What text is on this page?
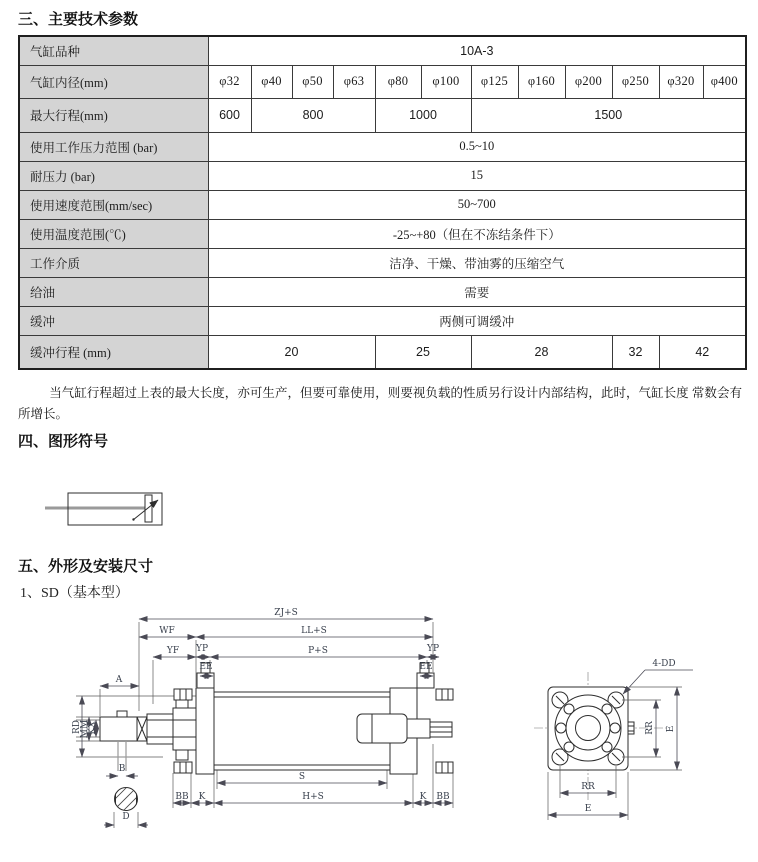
三、主要技术参数
气缸品种	10A-3											
气缸内径(mm)	φ32	φ40	φ50	φ63	φ80	φ100	φ125	φ160	φ200	φ250	φ320	φ400
最大行程(mm)	600	800			1000		1500					
使用工作压力范围 (bar)	0.5~10											
耐压力 (bar)	15											
使用速度范围(mm/sec)	50~700											
使用温度范围(℃)	-25~+80（但在不冻结条件下）											
工作介质	洁净、干燥、带油雾的压缩空气											
给油	需要											
缓冲	两侧可调缓冲											
缓冲行程 (mm)	20				25		28			32	42	
当气缸行程超过上表的最大长度，亦可生产，但要可靠使用，则要视负载的性质另行设计内部结构，此时，气缸长度 常数会有所增长。
四、图形符号
五、外形及安装尺寸
1、SD（基本型）
ZJ+S
WF	LL+S
YF YP	P+S	YP
EE	EE
A
RD
MM
KX
B
D
S
H+S
BB K	K BB
RR E
RR
E
4-DD
